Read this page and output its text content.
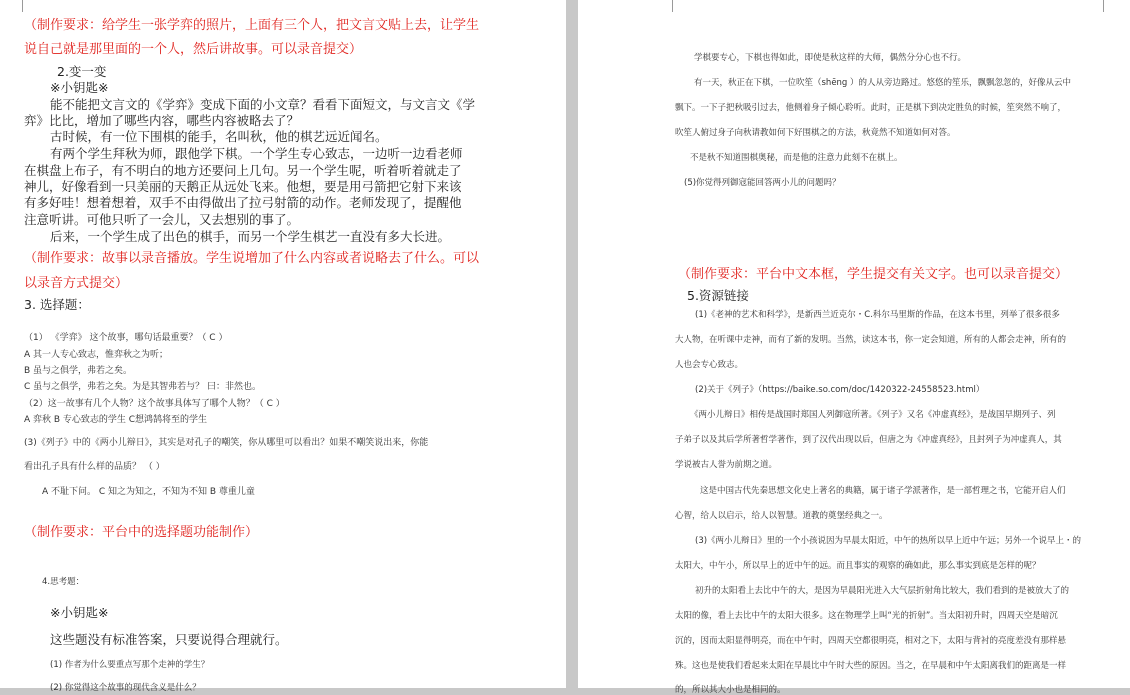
（制作要求：给学生一张学弈的照片，上面有三个人，把文言文贴上去，让学生
说自己就是那里面的一个人，然后讲故事。可以录音提交）
2.变一变
※小钥匙※
能不能把文言文的《学弈》变成下面的小文章？看看下面短文，与文言文《学
弈》比比，增加了哪些内容，哪些内容被略去了？
古时候，有一位下围棋的能手，名叫秋，他的棋艺远近闻名。
有两个学生拜秋为师，跟他学下棋。一个学生专心致志，一边听一边看老师
在棋盘上布子，有不明白的地方还要问上几句。另一个学生呢，听着听着就走了
神儿，好像看到一只美丽的天鹅正从远处飞来。他想，要是用弓箭把它射下来该
有多好哇！想着想着，双手不由得做出了拉弓射箭的动作。老师发现了，提醒他
注意听讲。可他只听了一会儿，又去想别的事了。
后来，一个学生成了出色的棋手，而另一个学生棋艺一直没有多大长进。
（制作要求：故事以录音播放。学生说增加了什么内容或者说略去了什么。可以
以录音方式提交）
3. 选择题：
（1） 《学弈》 这个故事，哪句话最重要？（ C ）
A 其一人专心致志，惟弈秋之为听；
B 虽与之俱学，弗若之矣。
C 虽与之俱学，弗若之矣。为是其智弗若与？ 曰：非然也。
（2）这一故事有几个人物？这个故事具体写了哪个人物？（ C ）
A 弈秋 B 专心致志的学生 C想鸿鹄将至的学生
(3)《列子》中的《两小儿辩日》，其实是对孔子的嘲笑，你从哪里可以看出？如果不嘲笑说出来，你能
看出孔子具有什么样的品质？ （ ）
A 不耻下问。 C 知之为知之，不知为不知 B 尊重儿童
（制作要求：平台中的选择题功能制作）
4.思考题：
※小钥匙※
这些题没有标准答案，只要说得合理就行。
(1) 作者为什么要重点写那个走神的学生？
(2) 你觉得这个故事的现代含义是什么？
学棋要专心，下棋也得如此，即使是秋这样的大师，偶然分分心也不行。
有一天，秋正在下棋，一位吹笙（shēng ）的人从旁边路过。悠悠的笙乐，飘飘忽忽的，好像从云中
飘下。一下子把秋吸引过去，他侧着身子倾心聆听。此时，正是棋下到决定胜负的时候，笙突然不响了，
吹笙人俯过身子向秋请教如何下好围棋之的方法，秋竟然不知道如何对答。
不是秋不知道围棋奥秘，而是他的注意力此刻不在棋上。
(5)你觉得列御寇能回答两小儿的问题吗？
（制作要求：平台中文本框，学生提交有关文字。也可以录音提交）
5.资源链接
(1)《老神的艺术和科学》，是新西兰近克尔・C.科尔马里斯的作品，在这本书里，列举了很多很多
大人物，在听课中走神，而有了新的发明。当然，读这本书，你一定会知道，所有的人都会走神，所有的
人也会专心致志。
(2)关于《列子》（https://baike.so.com/doc/1420322-24558523.html）
《两小儿辩日》相传是战国时郑国人列御寇所著。《列子》又名《冲虚真经》，是战国早期列子、列
子弟子以及其后学所著哲学著作，到了汉代出现以后，但唐之为《冲虚真经》，且封列子为冲虚真人，其
学说被古人誉为前期之道。
这是中国古代先秦思想文化史上著名的典籍，属于诸子学派著作，是一部哲理之书，它能开启人们
心智，给人以启示，给人以智慧。道教的奠堡经典之一。
(3)《两小儿辩日》里的一个小孩说因为早晨太阳近，中午的热所以早上近中午远；另外一个说早上・的
太阳大，中午小，所以早上的近中午的远。而且事实的观察的确如此，那么事实到底是怎样的呢？
初升的太阳看上去比中午的大，是因为早晨阳光进入大气层折射角比较大，我们看到的是被放大了的
太阳的像，看上去比中午的太阳大很多。这在物理学上叫“光的折射”。当太阳初升时，四周天空是暗沉
沉的，因而太阳显得明亮，而在中午时，四周天空都很明亮，相对之下，太阳与背衬的亮度差没有那样悬
殊。这也是使我们看起来太阳在早晨比中午时大些的原因。当之，在早晨和中午太阳离我们的距离是一样
的，所以其大小也是相同的。
